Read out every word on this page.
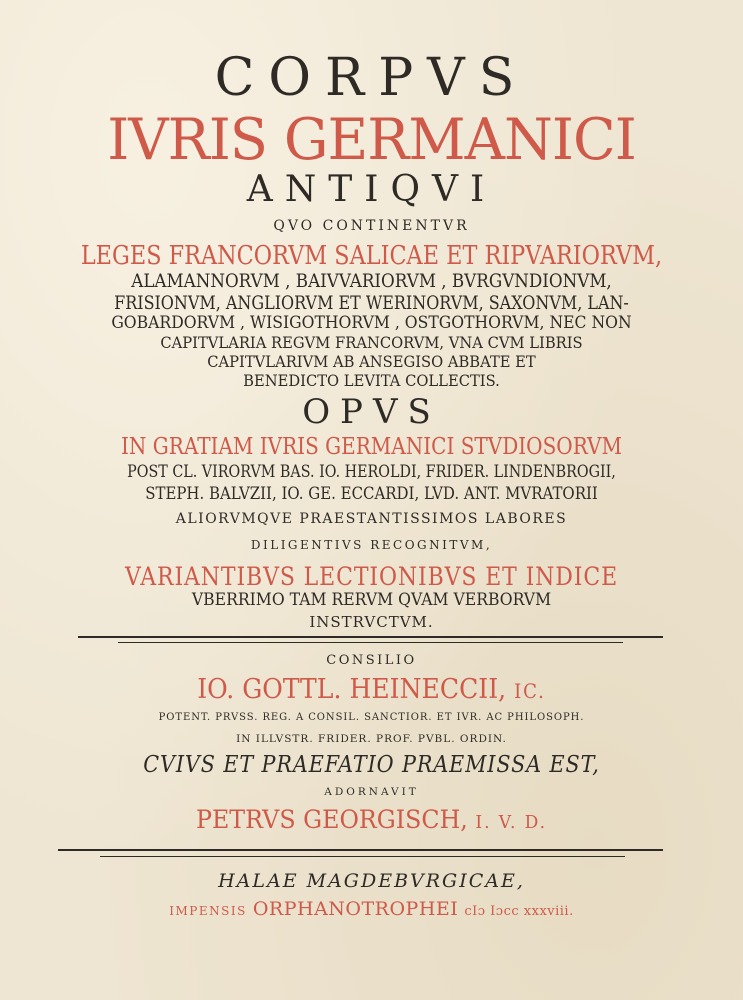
CORPVS
IVRIS GERMANICI
ANTIQVI
QVO CONTINENTVR
LEGES FRANCORVM SALICAE ET RIPVARIORVM,
ALAMANNORVM , BAIVVARIORVM , BVRGVNDIONVM,
FRISIONVM, ANGLIORVM ET WERINORVM, SAXONVM, LAN-
GOBARDORVM , WISIGOTHORVM , OSTGOTHORVM, NEC NON
CAPITVLARIA REGVM FRANCORVM, VNA CVM LIBRIS
CAPITVLARIVM AB ANSEGISO ABBATE ET
BENEDICTO LEVITA COLLECTIS.
OPVS
IN GRATIAM IVRIS GERMANICI STVDIOSORVM
POST CL. VIRORVM BAS. IO. HEROLDI, FRIDER. LINDENBROGII,
STEPH. BALVZII, IO. GE. ECCARDI, LVD. ANT. MVRATORII
ALIORVMQVE PRAESTANTISSIMOS LABORES
DILIGENTIVS RECOGNITVM,
VARIANTIBVS LECTIONIBVS ET INDICE
VBERRIMO TAM RERVM QVAM VERBORVM
INSTRVCTVM.
CONSILIO
IO. GOTTL. HEINECCII, IC.
POTENT. PRVSS. REG. A CONSIL. SANCTIOR. ET IVR. AC PHILOSOPH.
IN ILLVSTR. FRIDER. PROF. PVBL. ORDIN.
CVIVS ET PRAEFATIO PRAEMISSA EST,
ADORNAVIT
PETRVS GEORGISCH, I. V. D.
HALAE MAGDEBVRGICAE,
IMPENSIS ORPHANOTROPHEI cIɔ Iɔcc xxxviii.
